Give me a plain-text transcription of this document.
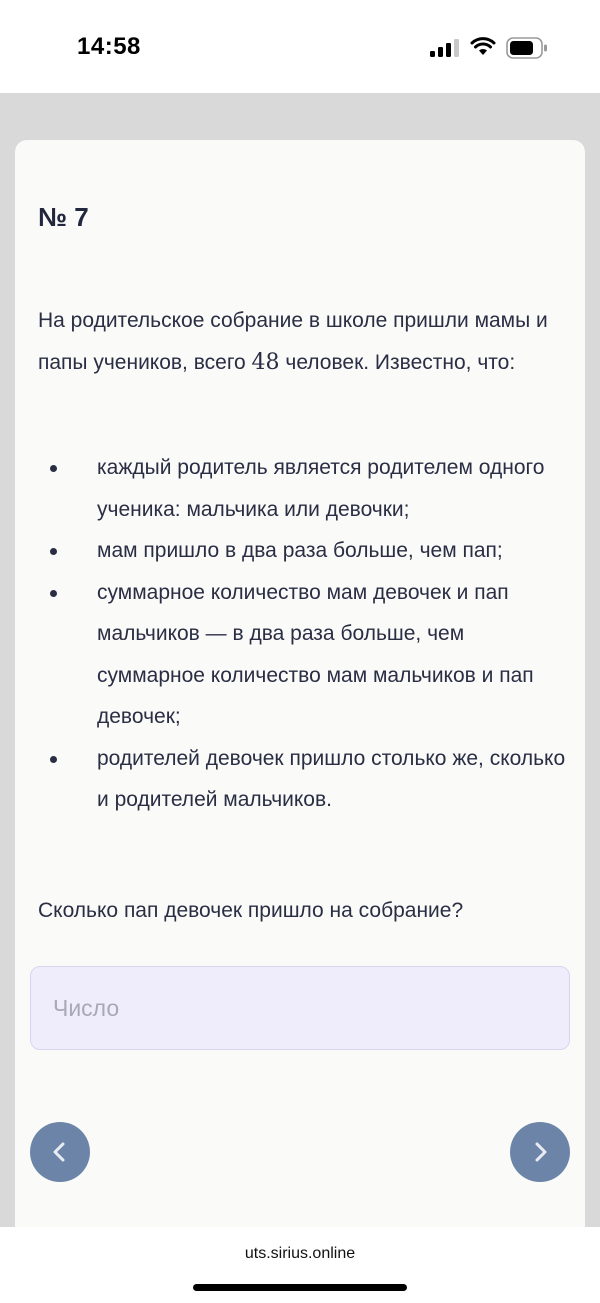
14:58
№ 7

На родительское собрание в школе пришли мамы и папы учеников, всего 48 человек. Известно, что:

каждый родитель является родителем одного ученика: мальчика или девочки;
мам пришло в два раза больше, чем пап;
суммарное количество мам девочек и пап мальчиков — в два раза больше, чем суммарное количество мам мальчиков и пап девочек;
родителей девочек пришло столько же, сколько и родителей мальчиков.

Сколько пап девочек пришло на собрание?

Число
uts.sirius.online
